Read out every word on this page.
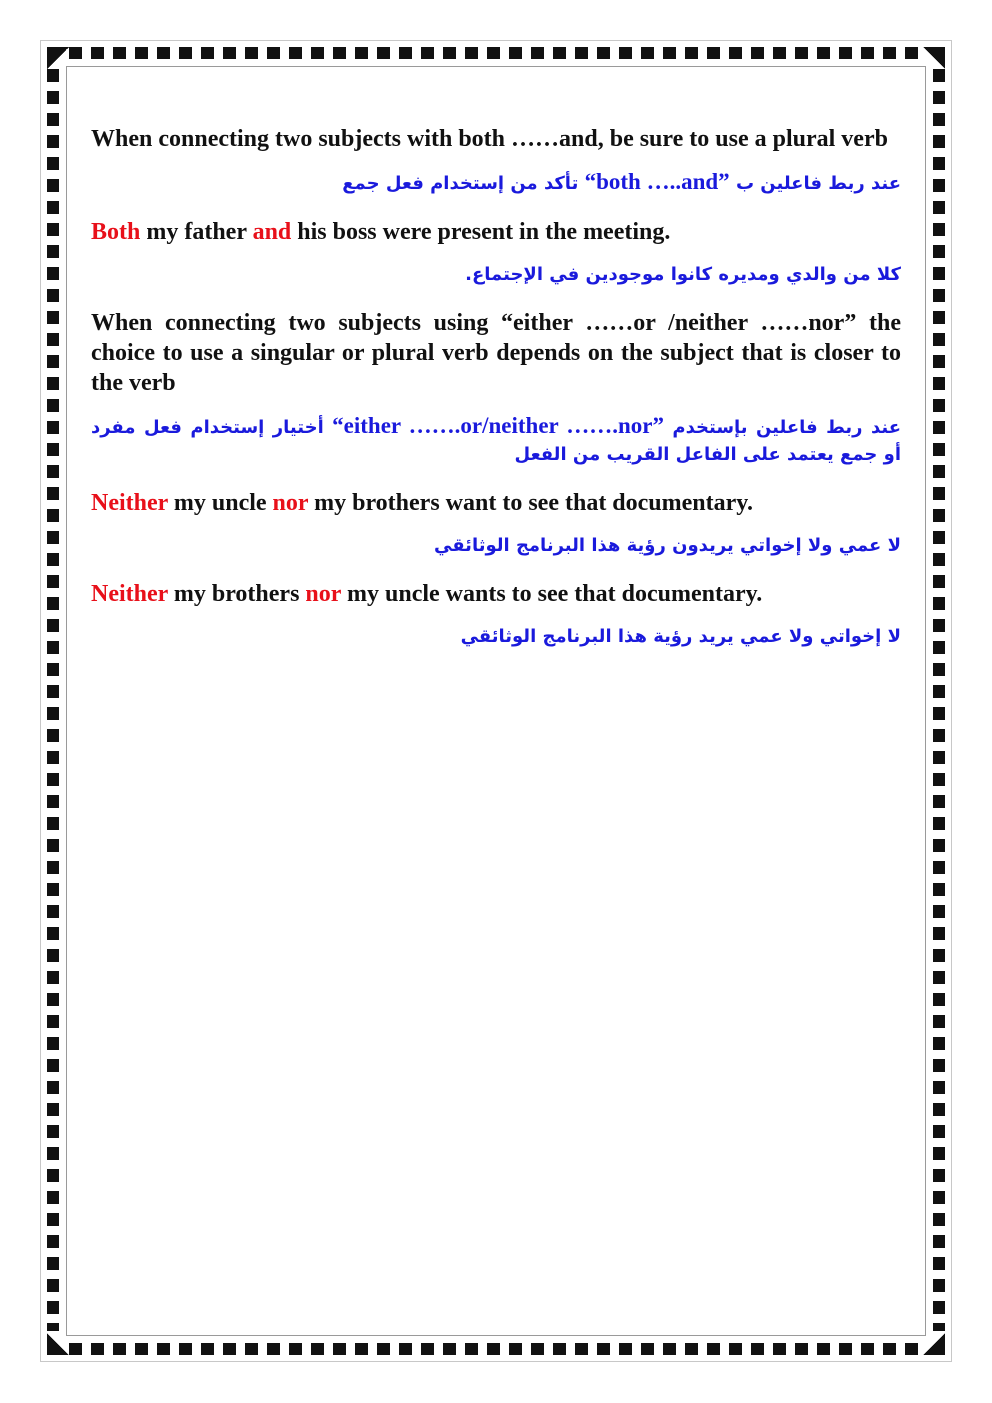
When connecting two subjects with both ……and, be sure to use a plural verb

عند ربط فاعلين ب “both …..and” تأكد من إستخدام فعل جمع

Both my father and his boss were present in the meeting.

كلا من والدي ومديره كانوا موجودين في الإجتماع.

When connecting two subjects using “either ……or /neither ……nor” the choice to use a singular or plural verb depends on the subject that is closer to the verb

عند ربط فاعلين بإستخدم “either …….or/neither …….nor” أختيار إستخدام فعل مفرد أو جمع يعتمد على الفاعل القريب من الفعل

Neither my uncle nor my brothers want to see that documentary.

لا عمي ولا إخواتي يريدون رؤية هذا البرنامج الوثائقي

Neither my brothers nor my uncle wants to see that documentary.

لا إخواتي ولا عمي يريد رؤية هذا البرنامج الوثائقي
